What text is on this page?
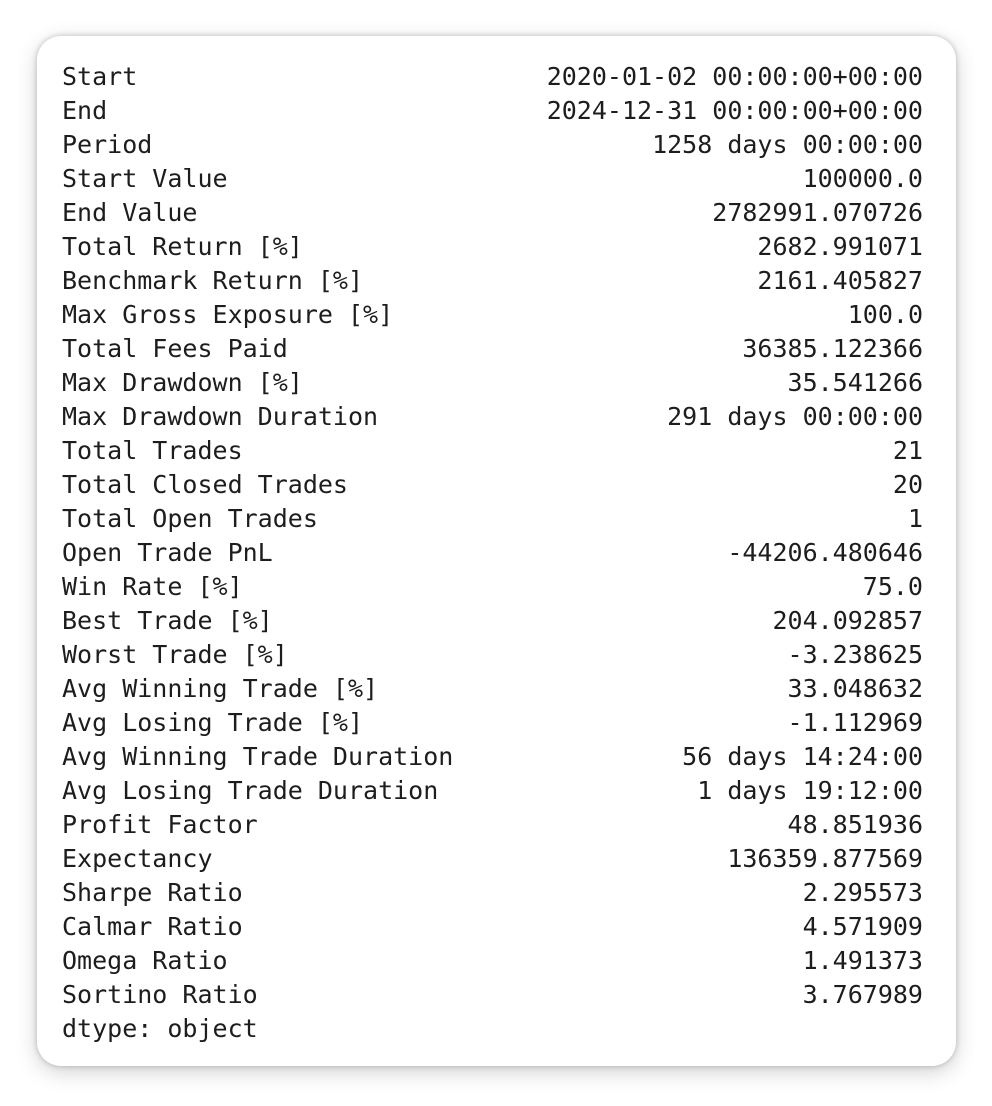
Start	2020-01-02 00:00:00+00:00
End	2024-12-31 00:00:00+00:00
Period	1258 days 00:00:00
Start Value	100000.0
End Value	2782991.070726
Total Return [%]	2682.991071
Benchmark Return [%]	2161.405827
Max Gross Exposure [%]	100.0
Total Fees Paid	36385.122366
Max Drawdown [%]	35.541266
Max Drawdown Duration	291 days 00:00:00
Total Trades	21
Total Closed Trades	20
Total Open Trades	1
Open Trade PnL	-44206.480646
Win Rate [%]	75.0
Best Trade [%]	204.092857
Worst Trade [%]	-3.238625
Avg Winning Trade [%]	33.048632
Avg Losing Trade [%]	-1.112969
Avg Winning Trade Duration	56 days 14:24:00
Avg Losing Trade Duration	1 days 19:12:00
Profit Factor	48.851936
Expectancy	136359.877569
Sharpe Ratio	2.295573
Calmar Ratio	4.571909
Omega Ratio	1.491373
Sortino Ratio	3.767989
dtype: object
